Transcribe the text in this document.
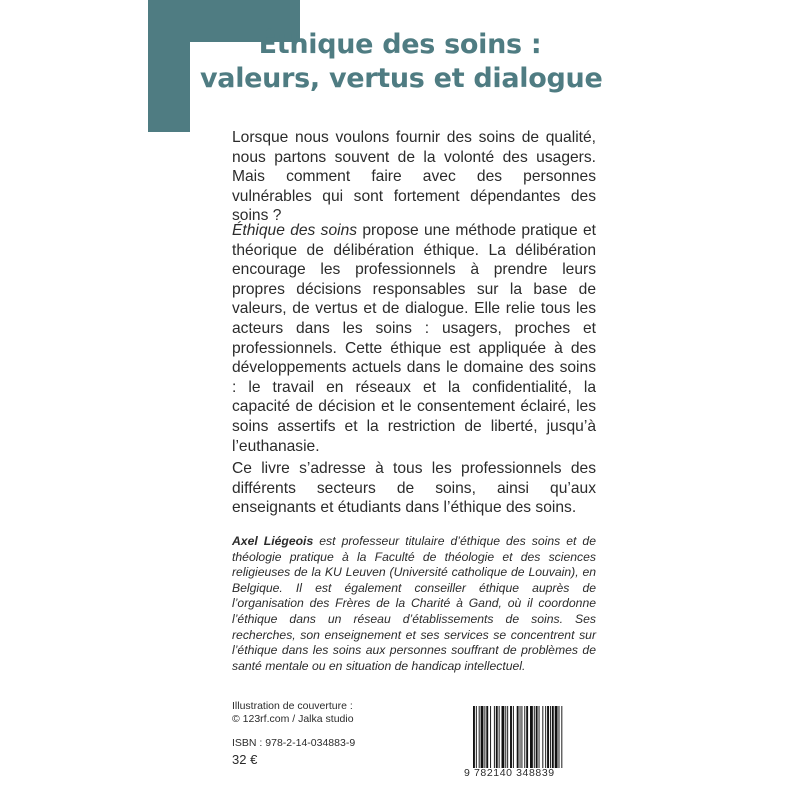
Éthique des soins :
valeurs, vertus et dialogue
Lorsque nous voulons fournir des soins de qualité, nous partons souvent de la volonté des usagers. Mais comment faire avec des personnes vulnérables qui sont fortement dépendantes des soins ?
Éthique des soins propose une méthode pratique et théorique de délibération éthique. La délibération encourage les professionnels à prendre leurs propres décisions responsables sur la base de valeurs, de vertus et de dialogue. Elle relie tous les acteurs dans les soins : usagers, proches et professionnels. Cette éthique est appliquée à des développements actuels dans le domaine des soins : le travail en réseaux et la confidentialité, la capacité de décision et le consentement éclairé, les soins assertifs et la restriction de liberté, jusqu’à l’euthanasie.
Ce livre s’adresse à tous les professionnels des différents secteurs de soins, ainsi qu’aux enseignants et étudiants dans l’éthique des soins.
Axel Liégeois est professeur titulaire d’éthique des soins et de théologie pratique à la Faculté de théologie et des sciences religieuses de la KU Leuven (Université catholique de Louvain), en Belgique. Il est également conseiller éthique auprès de l’organisation des Frères de la Charité à Gand, où il coordonne l’éthique dans un réseau d’établissements de soins. Ses recherches, son enseignement et ses services se concentrent sur l’éthique dans les soins aux personnes souffrant de problèmes de santé mentale ou en situation de handicap intellectuel.
Illustration de couverture :
© 123rf.com / Jalka studio
ISBN : 978-2-14-034883-9
32 €
9 782140 348839
